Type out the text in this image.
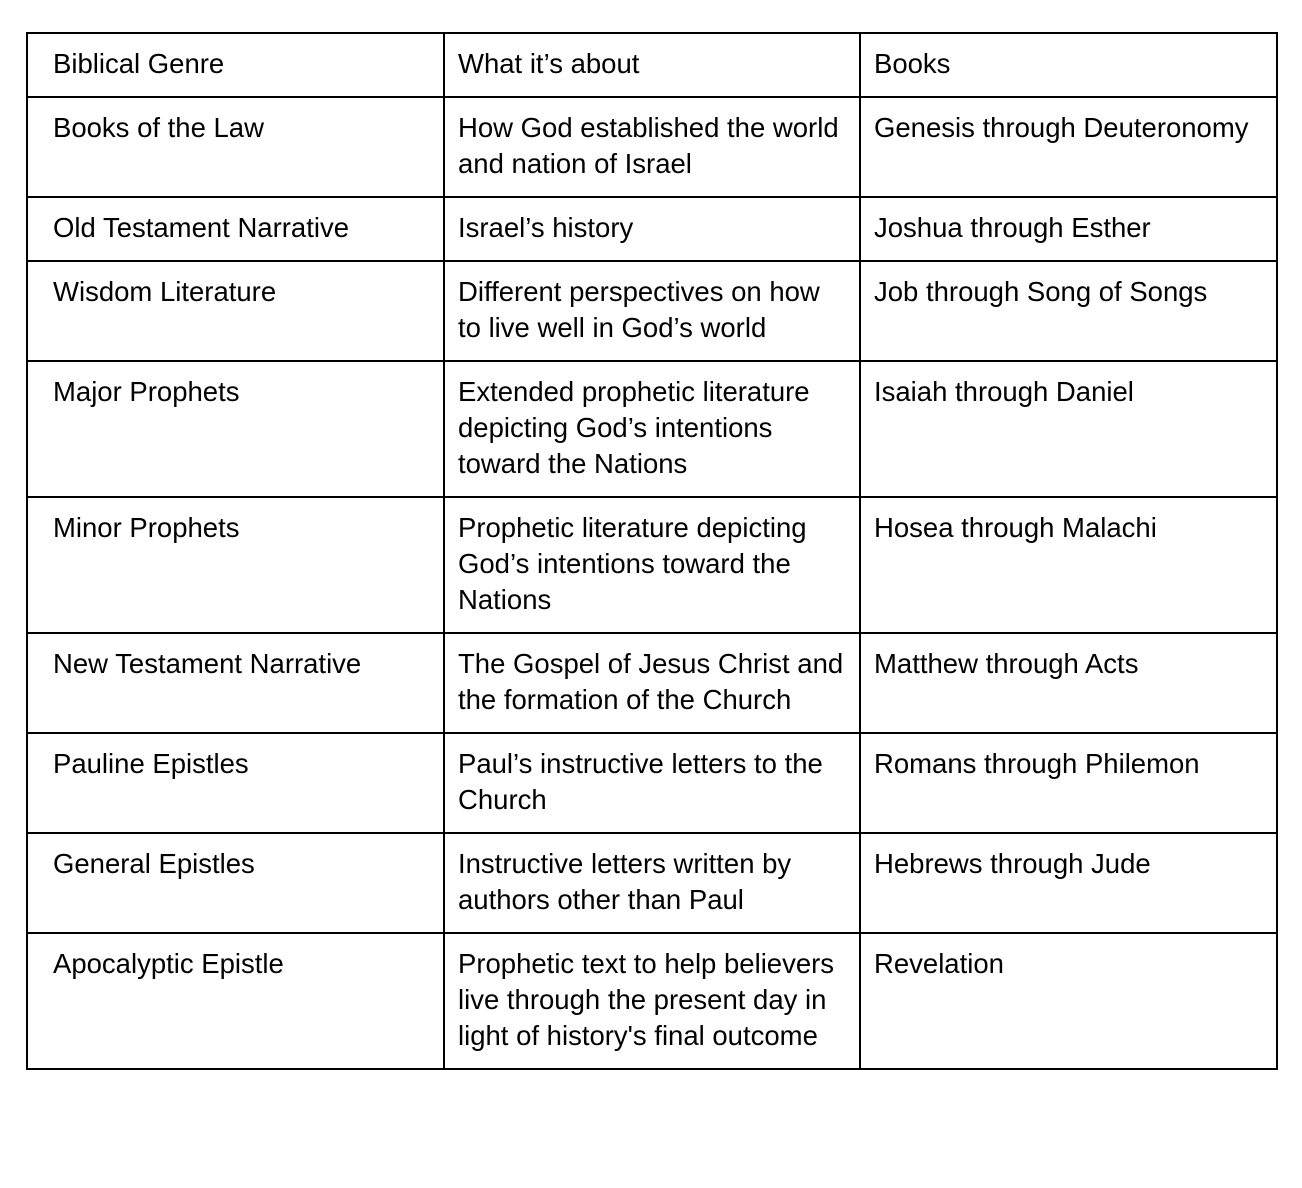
Biblical Genre	What it’s about	Books
Books of the Law	How God established the world and nation of Israel	Genesis through Deuteronomy
Old Testament Narrative	Israel’s history	Joshua through Esther
Wisdom Literature	Different perspectives on how to live well in God’s world	Job through Song of Songs
Major Prophets	Extended prophetic literature depicting God’s intentions toward the Nations	Isaiah through Daniel
Minor Prophets	Prophetic literature depicting God’s intentions toward the Nations	Hosea through Malachi
New Testament Narrative	The Gospel of Jesus Christ and the formation of the Church	Matthew through Acts
Pauline Epistles	Paul’s instructive letters to the Church	Romans through Philemon
General Epistles	Instructive letters written by authors other than Paul	Hebrews through Jude
Apocalyptic Epistle	Prophetic text to help believers live through the present day in light of history's final outcome	Revelation
